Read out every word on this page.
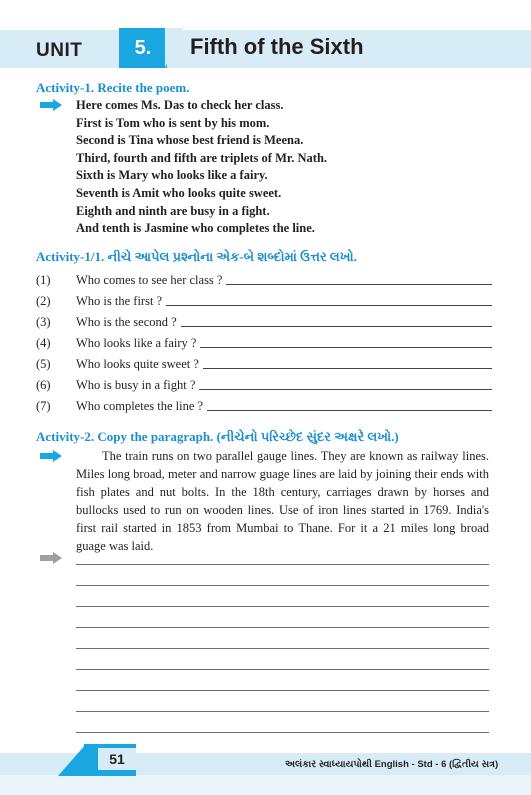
UNIT	5.	Fifth of the Sixth
Activity-1. Recite the poem.
Here comes Ms. Das to check her class.
First is Tom who is sent by his mom.
Second is Tina whose best friend is Meena.
Third, fourth and fifth are triplets of Mr. Nath.
Sixth is Mary who looks like a fairy.
Seventh is Amit who looks quite sweet.
Eighth and ninth are busy in a fight.
And tenth is Jasmine who completes the line.
Activity-1/1. નીચે આપેલ પ્રશ્નોના એક-બે શબ્દોમાં ઉત્તર લખો.
(1)	Who comes to see her class ?
(2)	Who is the first ?
(3)	Who is the second ?
(4)	Who looks like a fairy ?
(5)	Who looks quite sweet ?
(6)	Who is busy in a fight ?
(7)	Who completes the line ?
Activity-2. Copy the paragraph. (નીચેનો પરિચ્છેદ સુંદર અક્ષરે લખો.)
The train runs on two parallel gauge lines. They are known as railway lines. Miles long broad, meter and narrow guage lines are laid by joining their ends with fish plates and nut bolts. In the 18th century, carriages drawn by horses and bullocks used to run on wooden lines. Use of iron lines started in 1769. India's first rail started in 1853 from Mumbai to Thane. For it a 21 miles long broad guage was laid.
51	અલંકાર સ્વાધ્યાયપોથી English - Std - 6 (દ્વિતીય સત્ર)
